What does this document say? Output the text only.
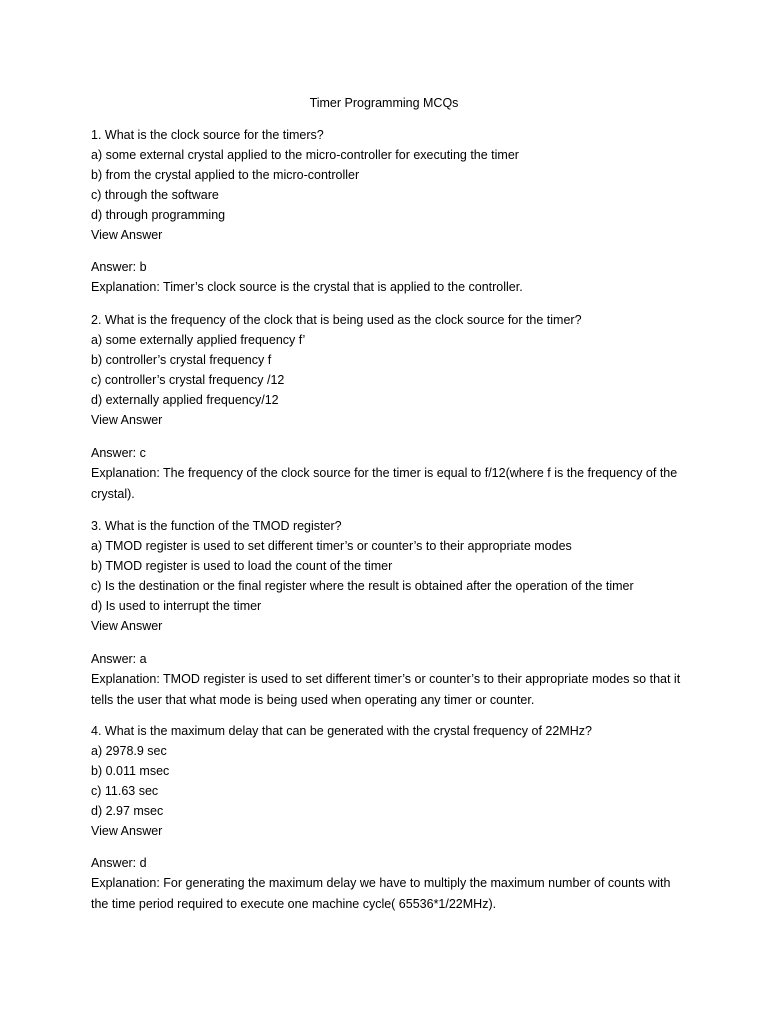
Timer Programming MCQs
1. What is the clock source for the timers?
a) some external crystal applied to the micro-controller for executing the timer
b) from the crystal applied to the micro-controller
c) through the software
d) through programming
View Answer
Answer: b
Explanation: Timer’s clock source is the crystal that is applied to the controller.
2. What is the frequency of the clock that is being used as the clock source for the timer?
a) some externally applied frequency f’
b) controller’s crystal frequency f
c) controller’s crystal frequency /12
d) externally applied frequency/12
View Answer
Answer: c
Explanation: The frequency of the clock source for the timer is equal to f/12(where f is the frequency of the crystal).
3. What is the function of the TMOD register?
a) TMOD register is used to set different timer’s or counter’s to their appropriate modes
b) TMOD register is used to load the count of the timer
c) Is the destination or the final register where the result is obtained after the operation of the timer
d) Is used to interrupt the timer
View Answer
Answer: a
Explanation: TMOD register is used to set different timer’s or counter’s to their appropriate modes so that it tells the user that what mode is being used when operating any timer or counter.
4. What is the maximum delay that can be generated with the crystal frequency of 22MHz?
a) 2978.9 sec
b) 0.011 msec
c) 11.63 sec
d) 2.97 msec
View Answer
Answer: d
Explanation: For generating the maximum delay we have to multiply the maximum number of counts with the time period required to execute one machine cycle( 65536*1/22MHz).
